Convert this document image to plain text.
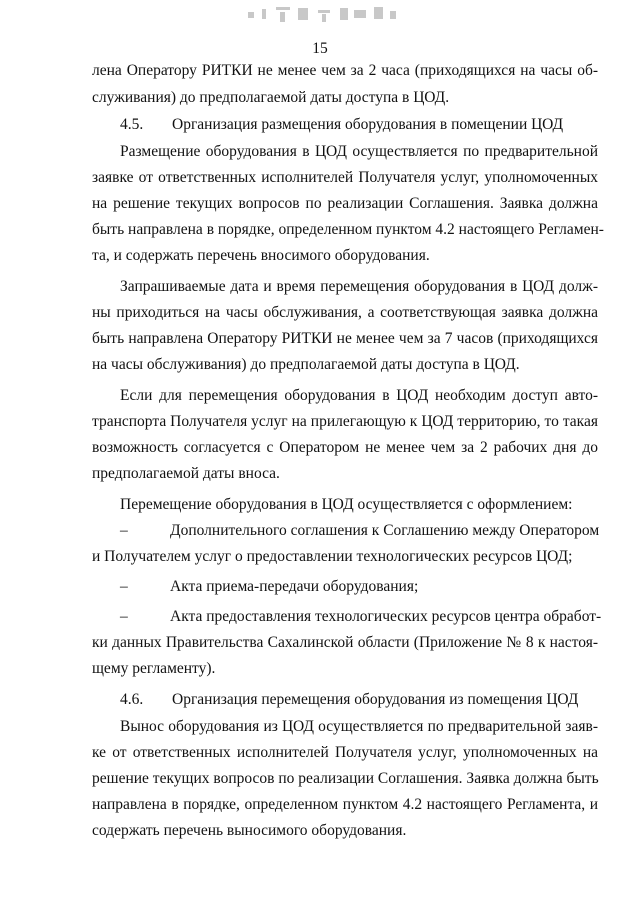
15
лена Оператору РИТКИ не менее чем за 2 часа (приходящихся на часы об-
служивания) до предполагаемой даты доступа в ЦОД.
4.5. Организация размещения оборудования в помещении ЦОД
Размещение оборудования в ЦОД осуществляется по предварительной
заявке от ответственных исполнителей Получателя услуг, уполномоченных
на решение текущих вопросов по реализации Соглашения. Заявка должна
быть направлена в порядке, определенном пунктом 4.2 настоящего Регламен-
та, и содержать перечень вносимого оборудования.
Запрашиваемые дата и время перемещения оборудования в ЦОД долж-
ны приходиться на часы обслуживания, а соответствующая заявка должна
быть направлена Оператору РИТКИ не менее чем за 7 часов (приходящихся
на часы обслуживания) до предполагаемой даты доступа в ЦОД.
Если для перемещения оборудования в ЦОД необходим доступ авто-
транспорта Получателя услуг на прилегающую к ЦОД территорию, то такая
возможность согласуется с Оператором не менее чем за 2 рабочих дня до
предполагаемой даты вноса.
Перемещение оборудования в ЦОД осуществляется с оформлением:
–	Дополнительного соглашения к Соглашению между Оператором
и Получателем услуг о предоставлении технологических ресурсов ЦОД;
–	Акта приема-передачи оборудования;
–	Акта предоставления технологических ресурсов центра обработ-
ки данных Правительства Сахалинской области (Приложение № 8 к настоя-
щему регламенту).
4.6. Организация перемещения оборудования из помещения ЦОД
Вынос оборудования из ЦОД осуществляется по предварительной заяв-
ке от ответственных исполнителей Получателя услуг, уполномоченных на
решение текущих вопросов по реализации Соглашения. Заявка должна быть
направлена в порядке, определенном пунктом 4.2 настоящего Регламента, и
содержать перечень выносимого оборудования.
